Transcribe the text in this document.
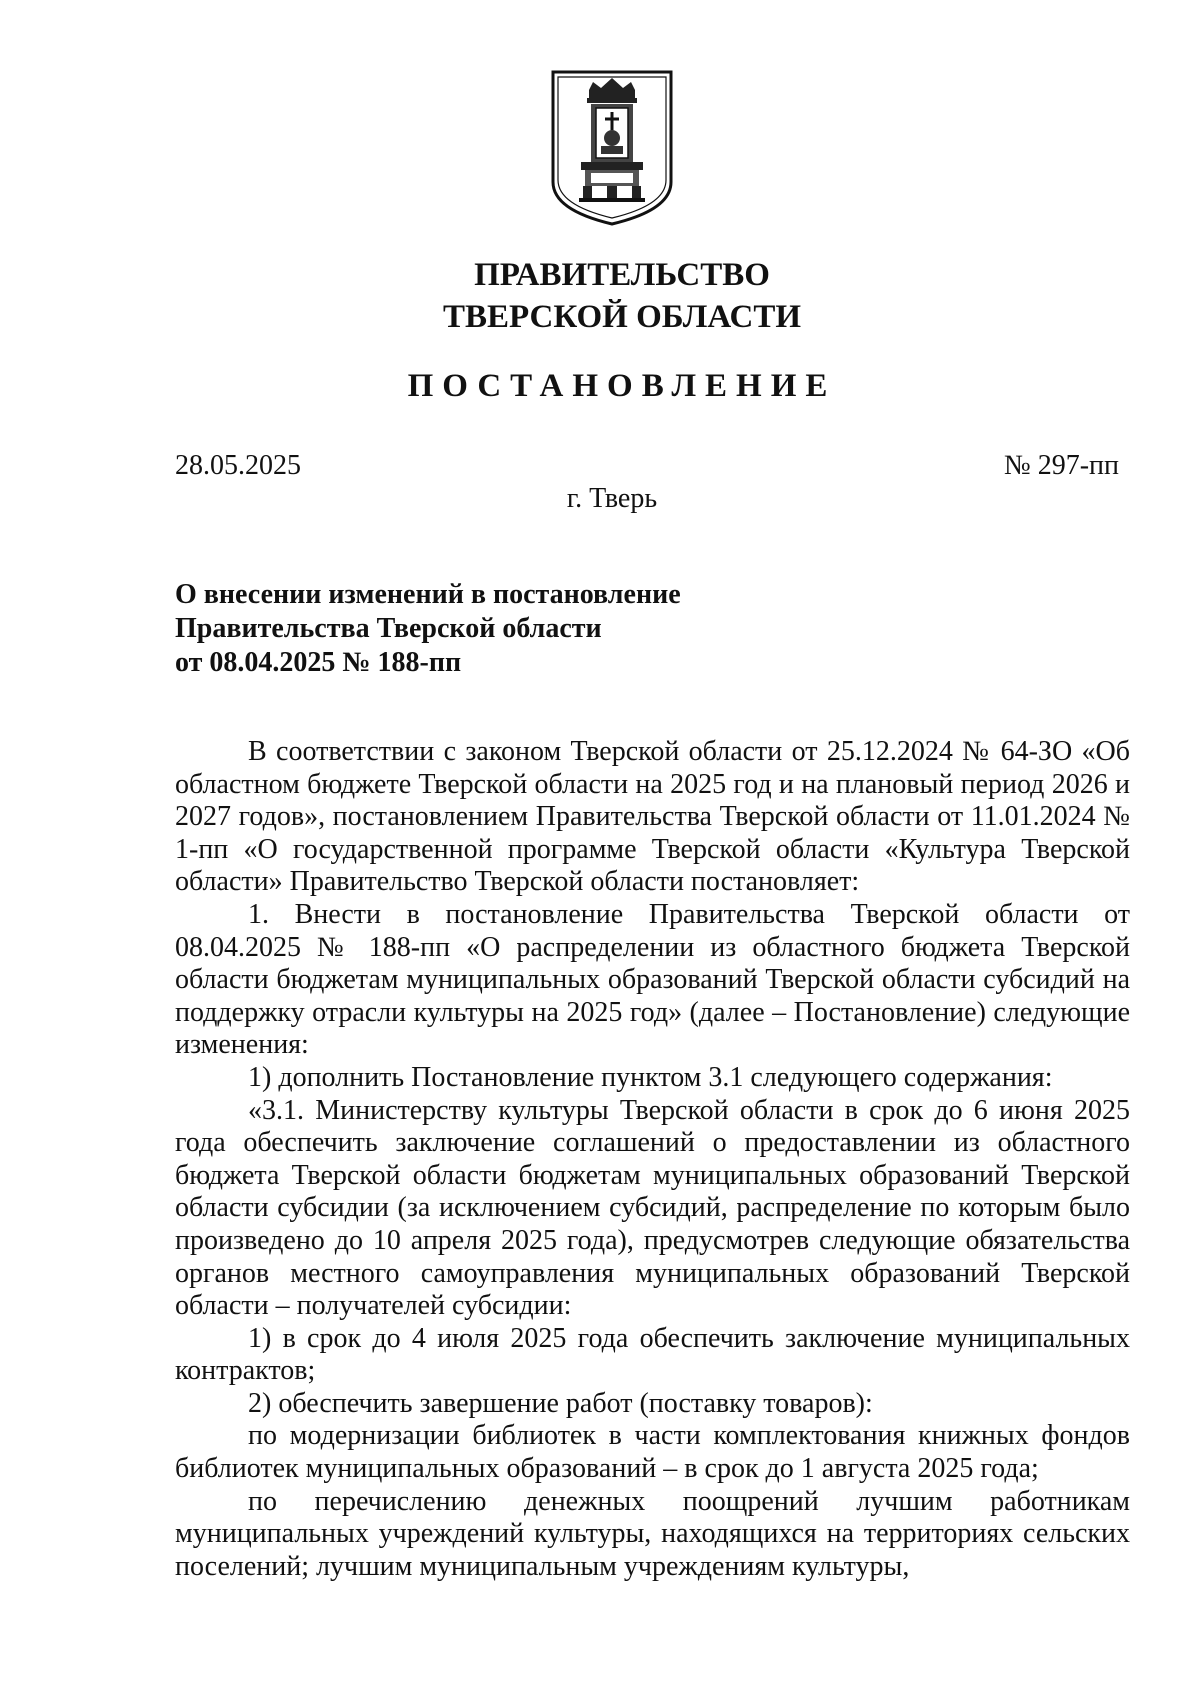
ПРАВИТЕЛЬСТВО
ТВЕРСКОЙ ОБЛАСТИ
ПОСТАНОВЛЕНИЕ
28.05.2025	№ 297-пп
г. Тверь
О внесении изменений в постановление
Правительства Тверской области
от 08.04.2025 № 188-пп

В соответствии с законом Тверской области от 25.12.2024 № 64-ЗО «Об областном бюджете Тверской области на 2025 год и на плановый период 2026 и 2027 годов», постановлением Правительства Тверской области от 11.01.2024 № 1-пп «О государственной программе Тверской области «Культура Тверской области» Правительство Тверской области постановляет:

1. Внести в постановление Правительства Тверской области от 08.04.2025 № 188-пп «О распределении из областного бюджета Тверской области бюджетам муниципальных образований Тверской области субсидий на поддержку отрасли культуры на 2025 год» (далее – Постановление) следующие изменения:

1) дополнить Постановление пунктом 3.1 следующего содержания:

«3.1. Министерству культуры Тверской области в срок до 6 июня 2025 года обеспечить заключение соглашений о предоставлении из областного бюджета Тверской области бюджетам муниципальных образований Тверской области субсидии (за исключением субсидий, распределение по которым было произведено до 10 апреля 2025 года), предусмотрев следующие обязательства органов местного самоуправления муниципальных образований Тверской области – получателей субсидии:

1) в срок до 4 июля 2025 года обеспечить заключение муниципальных контрактов;

2) обеспечить завершение работ (поставку товаров):

по модернизации библиотек в части комплектования книжных фондов библиотек муниципальных образований – в срок до 1 августа 2025 года;

по перечислению денежных поощрений лучшим работникам муниципальных учреждений культуры, находящихся на территориях сельских поселений; лучшим муниципальным учреждениям культуры,
